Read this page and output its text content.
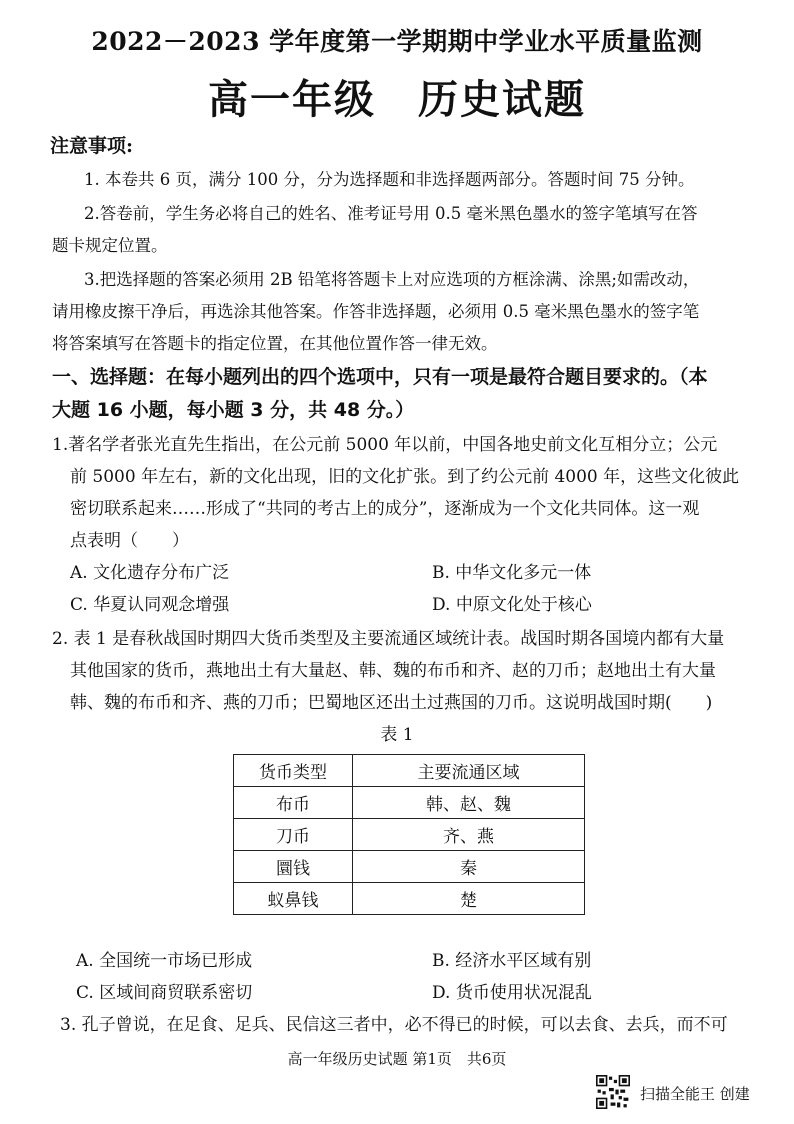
2022－2023 学年度第一学期期中学业水平质量监测
高一年级　历史试题
注意事项:
1. 本卷共 6 页，满分 100 分，分为选择题和非选择题两部分。答题时间 75 分钟。
2.答卷前，学生务必将自己的姓名、准考证号用 0.5 毫米黑色墨水的签字笔填写在答
题卡规定位置。
3.把选择题的答案必须用 2B 铅笔将答题卡上对应选项的方框涂满、涂黑;如需改动，
请用橡皮擦干净后，再选涂其他答案。作答非选择题，必须用 0.5 毫米黑色墨水的签字笔
将答案填写在答题卡的指定位置，在其他位置作答一律无效。
一、选择题：在每小题列出的四个选项中，只有一项是最符合题目要求的。（本
大题 16 小题，每小题 3 分，共 48 分。）
1.著名学者张光直先生指出，在公元前 5000 年以前，中国各地史前文化互相分立；公元
前 5000 年左右，新的文化出现，旧的文化扩张。到了约公元前 4000 年，这些文化彼此
密切联系起来……形成了“共同的考古上的成分”，逐渐成为一个文化共同体。这一观
点表明（　　）
A. 文化遗存分布广泛	B. 中华文化多元一体
C. 华夏认同观念增强	D. 中原文化处于核心
2. 表 1 是春秋战国时期四大货币类型及主要流通区域统计表。战国时期各国境内都有大量
其他国家的货币，燕地出土有大量赵、韩、魏的布币和齐、赵的刀币；赵地出土有大量
韩、魏的布币和齐、燕的刀币；巴蜀地区还出土过燕国的刀币。这说明战国时期(　　)
表 1
货币类型	主要流通区域
布币	韩、赵、魏
刀币	齐、燕
圜钱	秦
蚁鼻钱	楚
A. 全国统一市场已形成	B. 经济水平区域有别
C. 区域间商贸联系密切	D. 货币使用状况混乱
3. 孔子曾说，在足食、足兵、民信这三者中，必不得已的时候，可以去食、去兵，而不可
高一年级历史试题 第1页　共6页
扫描全能王 创建
